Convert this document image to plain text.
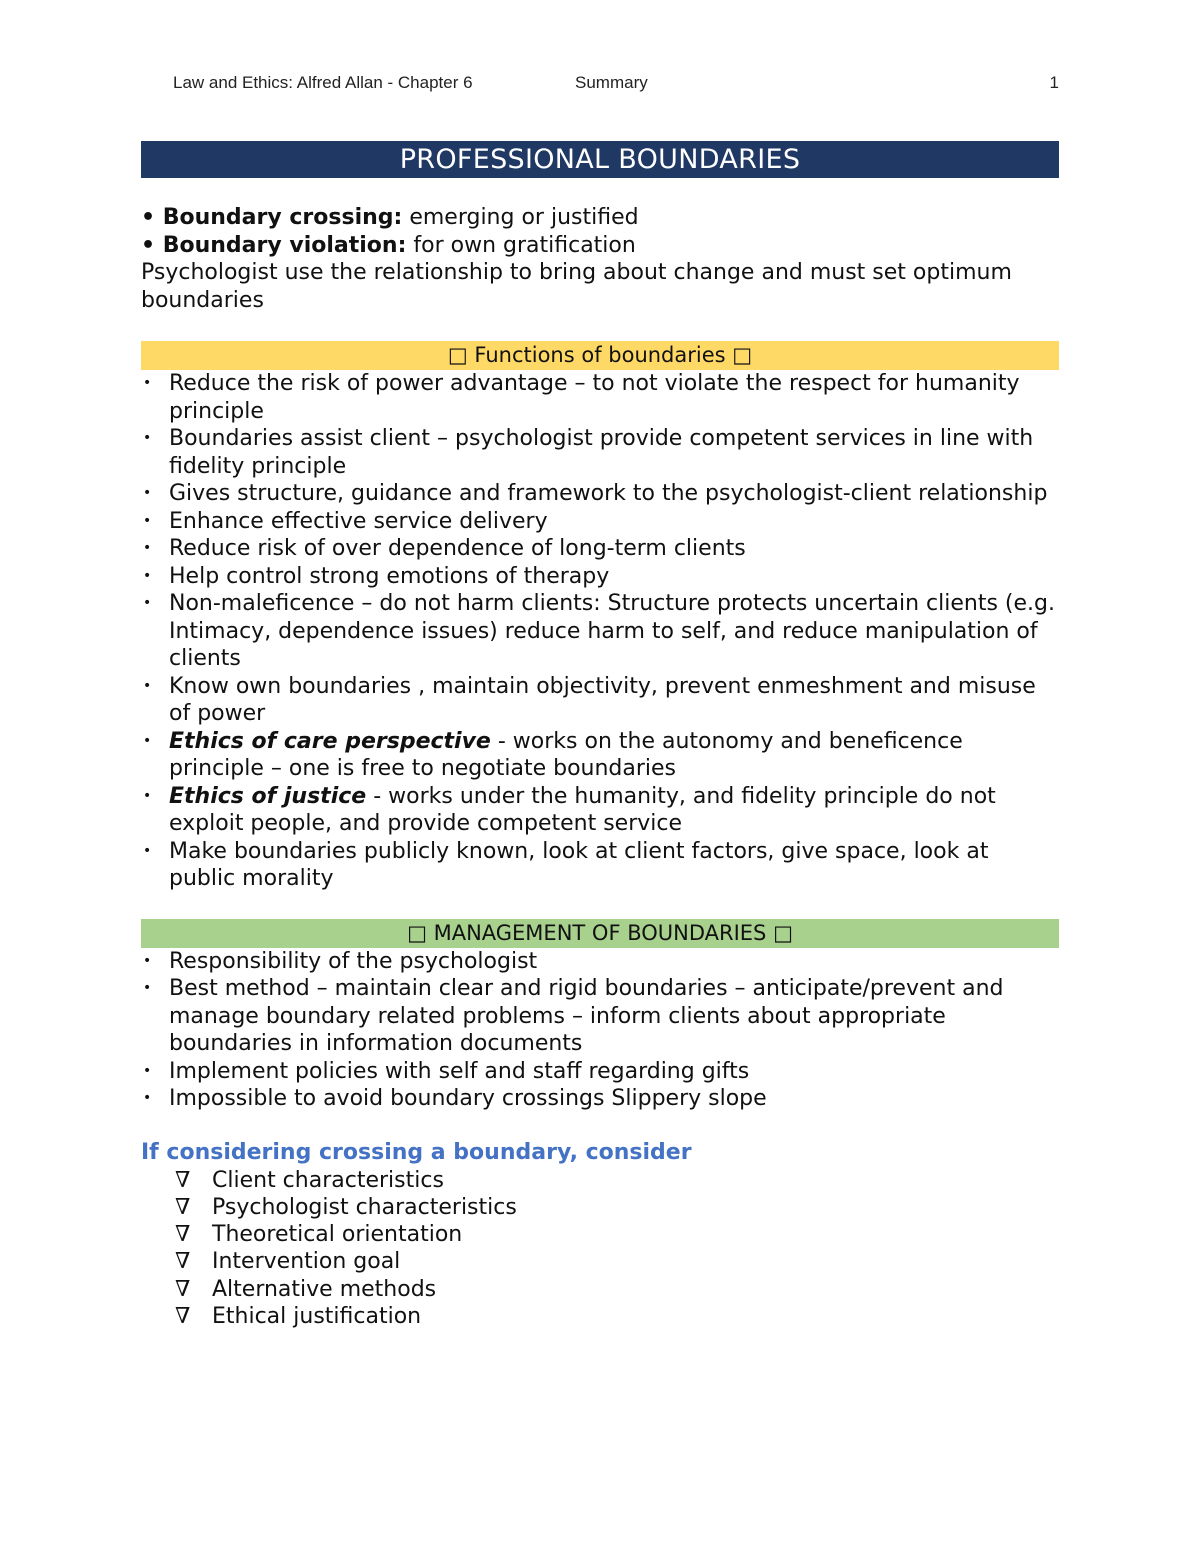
Law and Ethics: Alfred Allan - Chapter 6	Summary	1
PROFESSIONAL BOUNDARIES
• Boundary crossing: emerging or justified
• Boundary violation: for own gratification
Psychologist use the relationship to bring about change and must set optimum boundaries
□ Functions of boundaries □
• Reduce the risk of power advantage – to not violate the respect for humanity principle
• Boundaries assist client – psychologist provide competent services in line with fidelity principle
• Gives structure, guidance and framework to the psychologist-client relationship
• Enhance effective service delivery
• Reduce risk of over dependence of long-term clients
• Help control strong emotions of therapy
• Non-maleficence – do not harm clients: Structure protects uncertain clients (e.g. Intimacy, dependence issues) reduce harm to self, and reduce manipulation of clients
• Know own boundaries , maintain objectivity, prevent enmeshment and misuse of power
• Ethics of care perspective - works on the autonomy and beneficence principle – one is free to negotiate boundaries
• Ethics of justice - works under the humanity, and fidelity principle do not exploit people, and provide competent service
• Make boundaries publicly known, look at client factors, give space, look at public morality
□ MANAGEMENT OF BOUNDARIES □
• Responsibility of the psychologist
• Best method – maintain clear and rigid boundaries – anticipate/prevent and manage boundary related problems – inform clients about appropriate boundaries in information documents
• Implement policies with self and staff regarding gifts
• Impossible to avoid boundary crossings Slippery slope
If considering crossing a boundary, consider
∇ Client characteristics
∇ Psychologist characteristics
∇ Theoretical orientation
∇ Intervention goal
∇ Alternative methods
∇ Ethical justification
